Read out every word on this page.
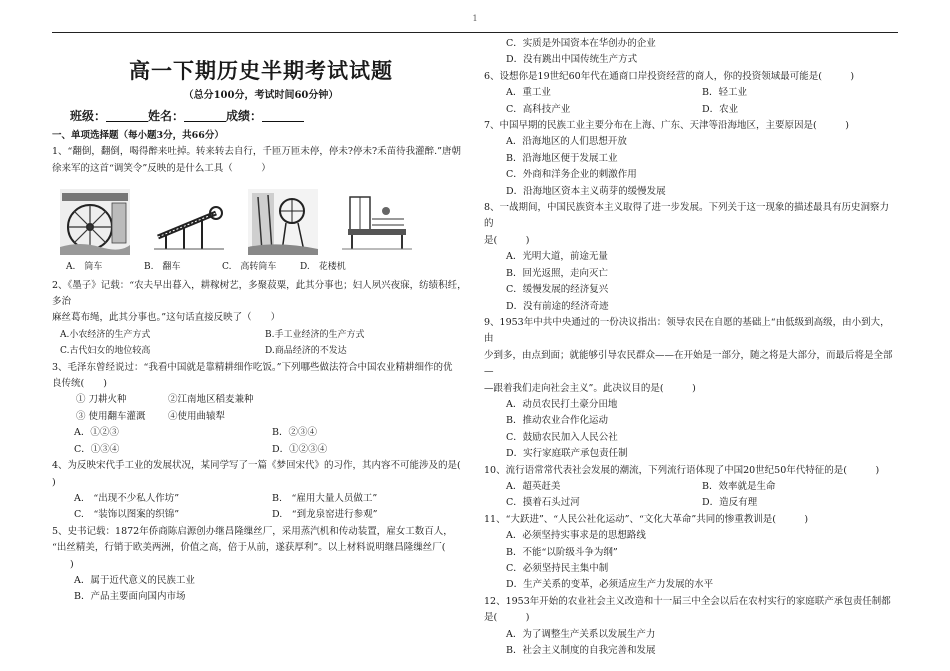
1
高一下期历史半期考试试题
（总分100分，考试时间60分钟）
班级：	姓名：	成绩：
一、单项选择题（每小题3分，共66分）
1、“翻倒，翻倒，喝得醉来吐掉。转来转去自行，千匝万匝未停，停未?停未?禾苗待我灌醉.”唐朝
徐来军的这首“调笑令”反映的是什么工具（　　　）
A.　筒车	B.　翻车	C.　高转筒车	D.　花楼机
2、《墨子》记载：“农夫早出暮入，耕稼树艺，多聚菽粟，此其分事也；妇人夙兴夜寐，纺绩积纴，多治
麻丝葛布绳，此其分事也。”这句话直接反映了（　　）
A.小农经济的生产方式	B.手工业经济的生产方式
C.古代妇女的地位较高	D.商品经济的不发达
3、毛泽东曾经说过：“我看中国就是靠精耕细作吃饭。”下列哪些做法符合中国农业精耕细作的优
良传统(　　)
① 刀耕火种	②江南地区稻麦兼种
③ 使用翻车灌溉	④使用曲辕犁
A．①②③	B．②③④
C．①③④	D．①②③④
4、为反映宋代手工业的发展状况，某同学写了一篇《梦回宋代》的习作，其内容不可能涉及的是(
)
A.　“出现不少私人作坊”	B.　“雇用大量人员做工”
C.　“装饰以图案的织锦”	D.　“到龙泉窑进行参观”
5、史书记载：1872年侨商陈启源创办继昌隆缫丝厂，采用蒸汽机和传动装置，雇女工数百人，
“出丝精美，行销于欧美两洲，价值之高，倍于从前，遂获厚利”。以上材料说明继昌隆缫丝厂(
)
A．属于近代意义的民族工业
B．产品主要面向国内市场
C．实质是外国资本在华创办的企业
D．没有跳出中国传统生产方式
6、设想你是19世纪60年代在通商口岸投资经营的商人，你的投资领域最可能是(　　　)
A．重工业	B．轻工业
C．高科技产业	D．农业
7、中国早期的民族工业主要分布在上海、广东、天津等沿海地区，主要原因是(　　　)
A．沿海地区的人们思想开放
B．沿海地区便于发展工业
C．外商和洋务企业的刺激作用
D．沿海地区资本主义萌芽的缓慢发展
8、一战期间，中国民族资本主义取得了进一步发展。下列关于这一现象的描述最具有历史洞察力的
是(　　　)
A．光明大道，前途无量
B．回光返照，走向灭亡
C．缓慢发展的经济复兴
D．没有前途的经济奇迹
9、1953年中共中央通过的一份决议指出：领导农民在自愿的基础上“由低级到高级，由小到大，由
少到多，由点到面；就能够引导农民群众——在开始是一部分，随之将是大部分，而最后将是全部—
—跟着我们走向社会主义”。此决议目的是(　　　)
A．动员农民打土豪分田地
B．推动农业合作化运动
C．鼓励农民加入人民公社
D．实行家庭联产承包责任制
10、流行语常常代表社会发展的潮流，下列流行语体现了中国20世纪50年代特征的是(　　　)
A．超英赶美	B．效率就是生命
C．摸着石头过河	D．造反有理
11、“大跃进”、“人民公社化运动”、“文化大革命”共同的惨重教训是(　　　)
A．必须坚持实事求是的思想路线
B．不能“以阶级斗争为纲”
C．必须坚持民主集中制
D．生产关系的变革，必须适应生产力发展的水平
12、1953年开始的农业社会主义改造和十一届三中全会以后在农村实行的家庭联产承包责任制都
是(　　　)
A．为了调整生产关系以发展生产力
B．社会主义制度的自我完善和发展
